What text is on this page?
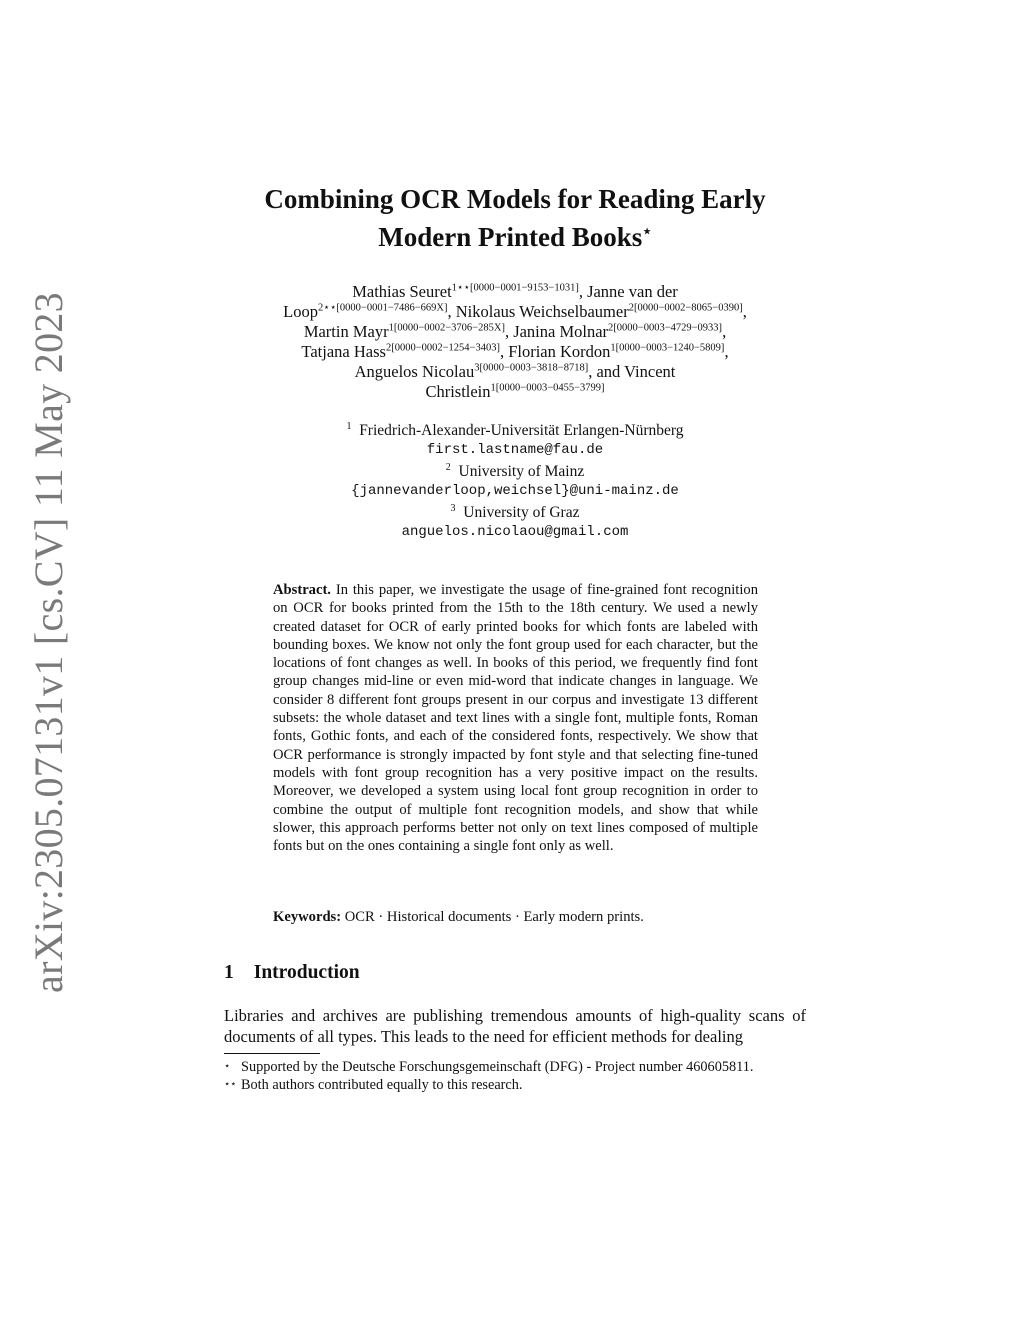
arXiv:2305.07131v1 [cs.CV] 11 May 2023
Combining OCR Models for Reading Early
Modern Printed Books⋆
Mathias Seuret$^{1⋆⋆[0000-0001-9153-1031]}$, Janne van der
Loop$^{2⋆⋆[0000-0001-7486-669X]}$, Nikolaus Weichselbaumer$^{2[0000-0002-8065-0390]}$,
Martin Mayr$^{1[0000-0002-3706-285X]}$, Janina Molnar$^{2[0000-0003-4729-0933]}$,
Tatjana Hass$^{2[0000-0002-1254-3403]}$, Florian Kordon$^{1[0000-0003-1240-5809]}$,
Anguelos Nicolau$^{3[0000-0003-3818-8718]}$, and Vincent
Christlein$^{1[0000-0003-0455-3799]}$
$^1$ Friedrich-Alexander-Universität Erlangen-Nürnberg
first.lastname@fau.de
$^2$ University of Mainz
{jannevanderloop,weichsel}@uni-mainz.de
$^3$ University of Graz
anguelos.nicolaou@gmail.com
Abstract. In this paper, we investigate the usage of fine-grained font recognition on OCR for books printed from the 15th to the 18th century. We used a newly created dataset for OCR of early printed books for which fonts are labeled with bounding boxes. We know not only the font group used for each character, but the locations of font changes as well. In books of this period, we frequently find font group changes mid-line or even mid-word that indicate changes in language. We consider 8 different font groups present in our corpus and investigate 13 different subsets: the whole dataset and text lines with a single font, multiple fonts, Roman fonts, Gothic fonts, and each of the considered fonts, respectively. We show that OCR performance is strongly impacted by font style and that selecting fine-tuned models with font group recognition has a very positive impact on the results. Moreover, we developed a system using local font group recognition in order to combine the output of multiple font recognition models, and show that while slower, this approach performs better not only on text lines composed of multiple fonts but on the ones containing a single font only as well.
Keywords: OCR · Historical documents · Early modern prints.
1 Introduction
Libraries and archives are publishing tremendous amounts of high-quality scans of documents of all types. This leads to the need for efficient methods for dealing
⋆ Supported by the Deutsche Forschungsgemeinschaft (DFG) - Project number 460605811.
⋆⋆ Both authors contributed equally to this research.
